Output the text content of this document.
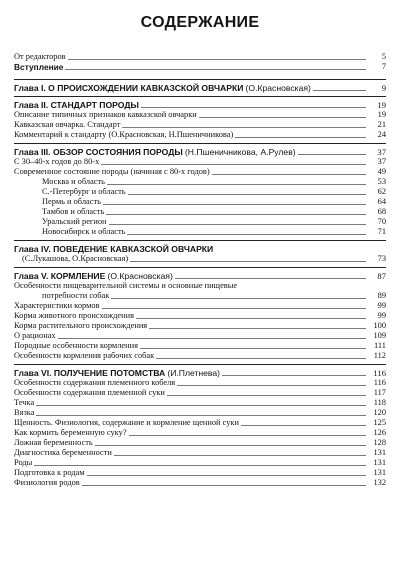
СОДЕРЖАНИЕ
От редакторов	5
Вступление	7
Глава I. О ПРОИСХОЖДЕНИИ КАВКАЗСКОЙ ОВЧАРКИ (О.Красновская)	9
Глава II. СТАНДАРТ ПОРОДЫ	19
Описание типичных признаков кавказской овчарки	19
Кавказская овчарка. Стандарт	21
Комментарий к стандарту (О.Красновская, Н.Пшеничникова)	24
Глава III. ОБЗОР СОСТОЯНИЯ ПОРОДЫ (Н.Пшеничникова, А.Рулев)	37
С 30–40-х годов до 80-х	37
Современное состояние породы (начиная с 80-х годов)	49
Москва и область	53
С.-Петербург и область	62
Пермь и область	64
Тамбов и область	68
Уральский регион	70
Новосибирск и область	71
Глава IV. ПОВЕДЕНИЕ КАВКАЗСКОЙ ОВЧАРКИ
(С.Лукашова, О.Красновская)	73
Глава V. КОРМЛЕНИЕ (О.Красновская)	87
Особенности пищеварительной системы и основные пищевые
потребности собак	89
Характеристики кормов	99
Корма животного происхождения	99
Корма растительного происхождения	100
О рационах	109
Породные особенности кормления	111
Особенности кормления рабочих собак	112
Глава VI. ПОЛУЧЕНИЕ ПОТОМСТВА (И.Плетнева)	116
Особенности содержания племенного кобеля	116
Особенности содержания племенной суки	117
Течка	118
Вязка	120
Щенность. Физиология, содержание и кормление щенной суки	125
Как кормить беременную суку?	126
Ложная беременность	128
Диагностика беременности	131
Роды	131
Подготовка к родам	131
Физиология родов	132
